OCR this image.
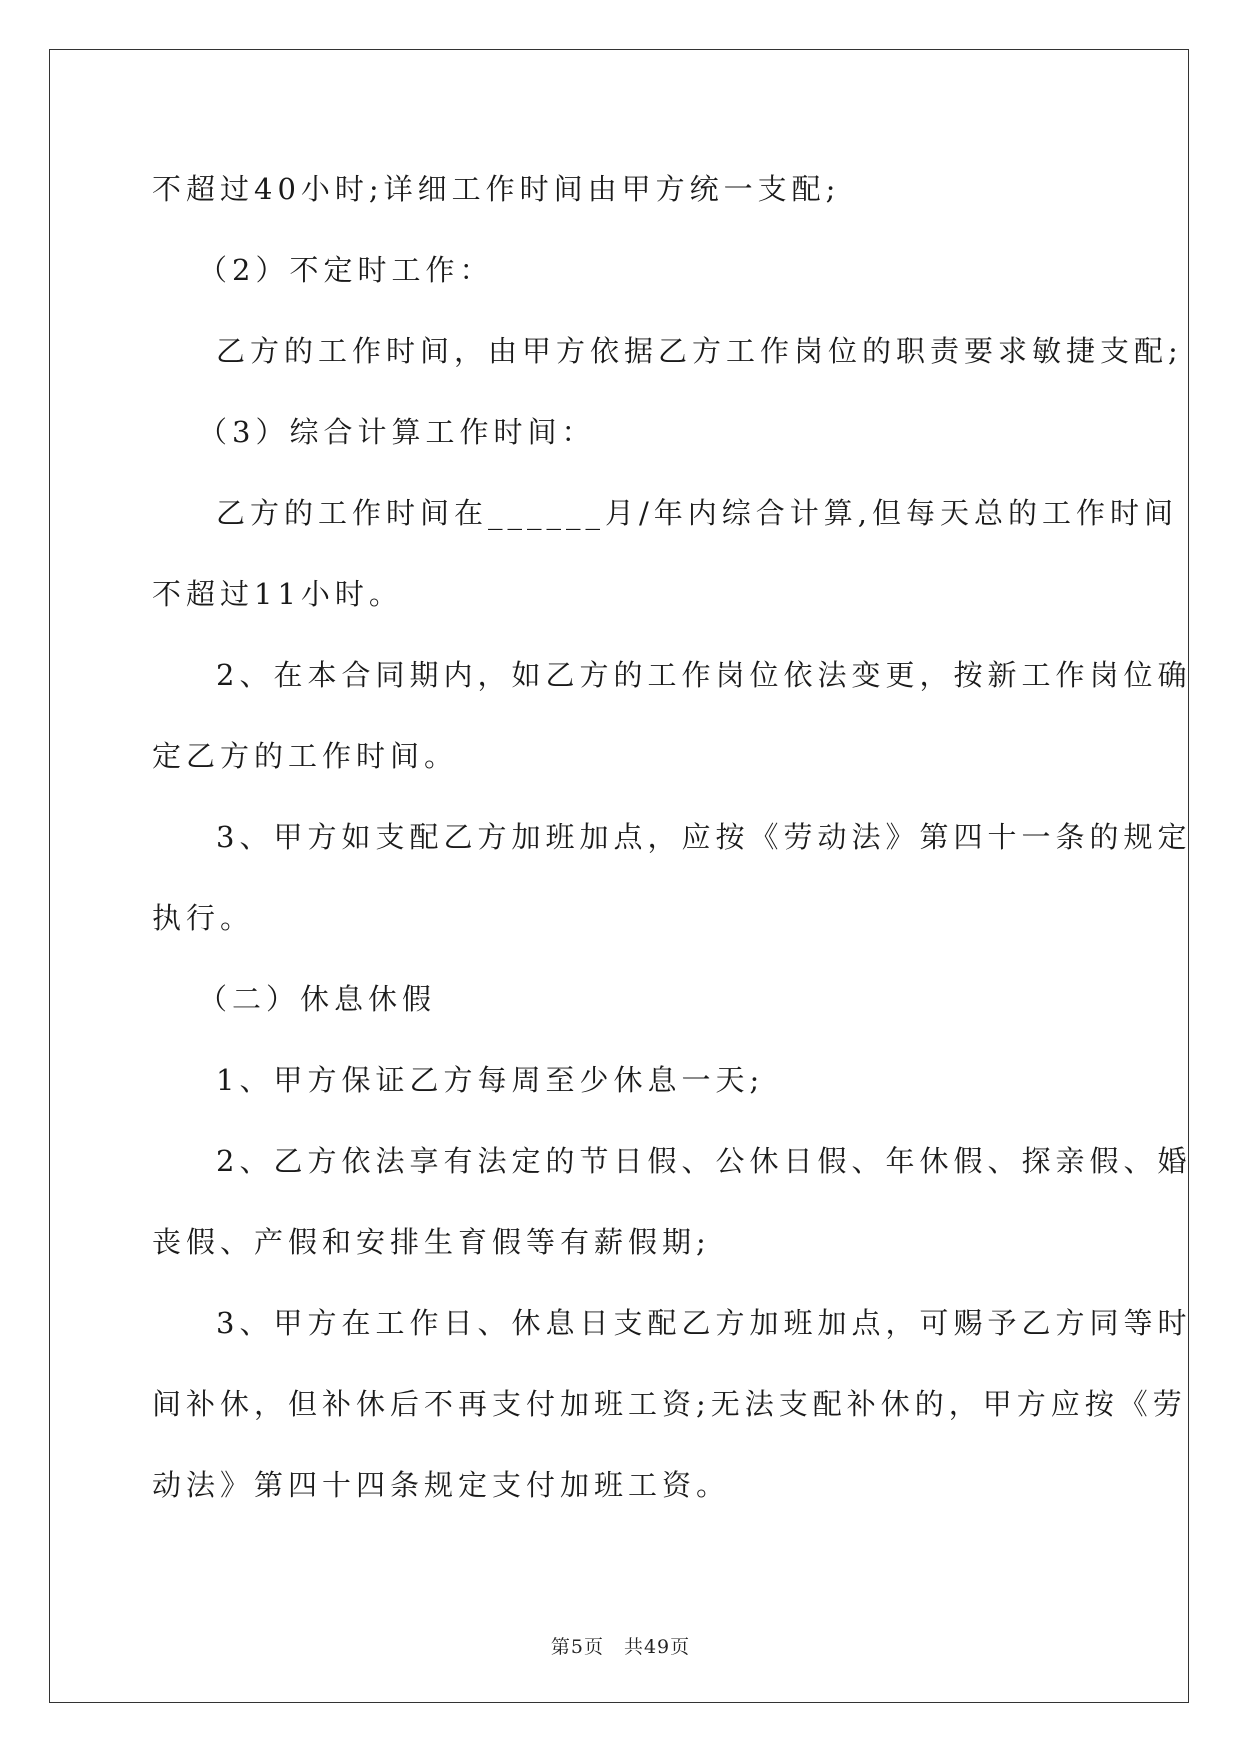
不超过40小时;详细工作时间由甲方统一支配;
（2）不定时工作：
乙方的工作时间，由甲方依据乙方工作岗位的职责要求敏捷支配;
（3）综合计算工作时间：
乙方的工作时间在______月/年内综合计算,但每天总的工作时间
不超过11小时。
2、在本合同期内，如乙方的工作岗位依法变更，按新工作岗位确
定乙方的工作时间。
3、甲方如支配乙方加班加点，应按《劳动法》第四十一条的规定
执行。
（二）休息休假
1、甲方保证乙方每周至少休息一天;
2、乙方依法享有法定的节日假、公休日假、年休假、探亲假、婚
丧假、产假和安排生育假等有薪假期;
3、甲方在工作日、休息日支配乙方加班加点，可赐予乙方同等时
间补休，但补休后不再支付加班工资;无法支配补休的，甲方应按《劳
动法》第四十四条规定支付加班工资。
第5页　共49页
